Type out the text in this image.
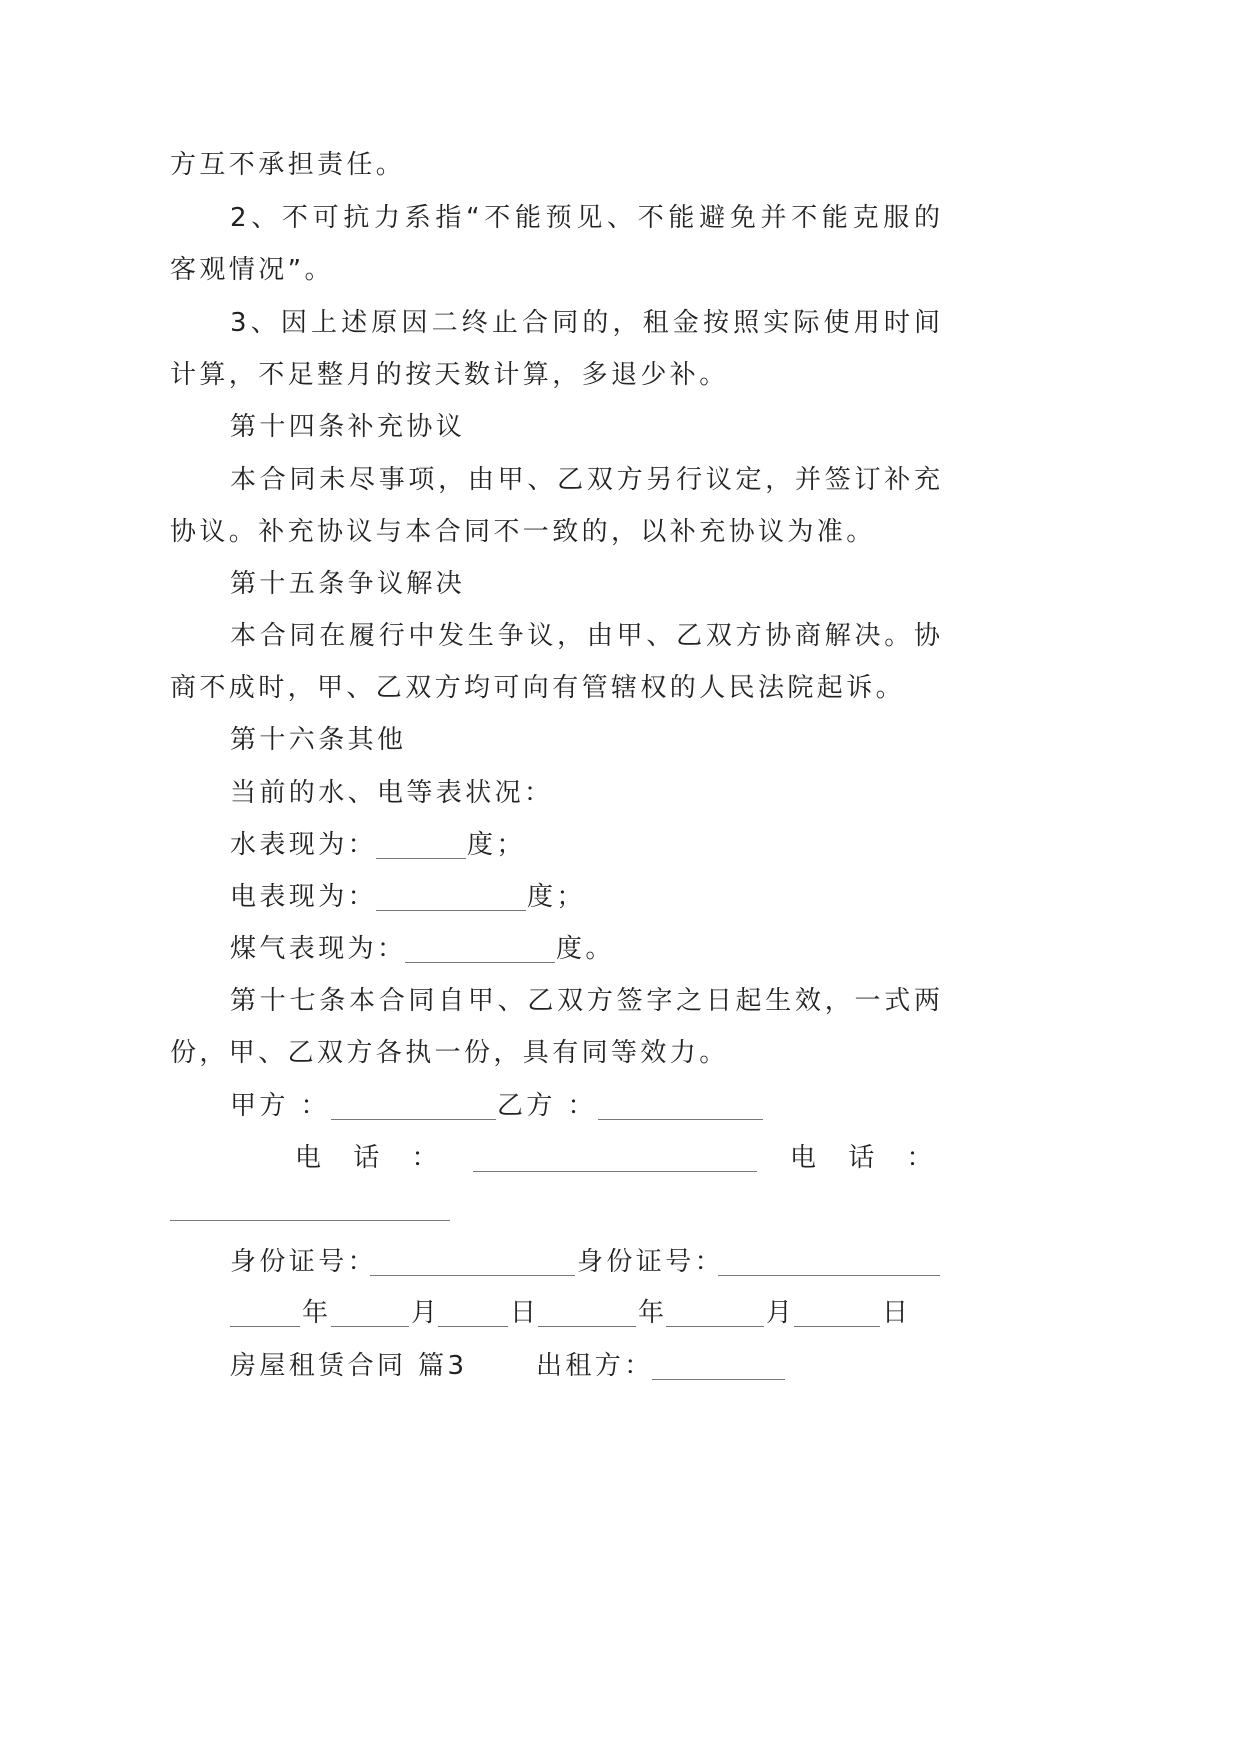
方互不承担责任。
2、不可抗力系指“不能预见、不能避免并不能克服的
客观情况”。
3、因上述原因二终止合同的，租金按照实际使用时间
计算，不足整月的按天数计算，多退少补。
第十四条补充协议
本合同未尽事项，由甲、乙双方另行议定，并签订补充
协议。补充协议与本合同不一致的，以补充协议为准。
第十五条争议解决
本合同在履行中发生争议，由甲、乙双方协商解决。协
商不成时，甲、乙双方均可向有管辖权的人民法院起诉。
第十六条其他
当前的水、电等表状况：
水表现为：	度；
电表现为：	度；
煤气表现为：	度。
第十七条本合同自甲、乙双方签字之日起生效，一式两
份，甲、乙双方各执一份，具有同等效力。
甲方 ：	乙方 ：
电 话 ：	电 话 ：
身份证号：	身份证号：
年	月	日	年	月	日
房屋租赁合同 篇3	出租方：
